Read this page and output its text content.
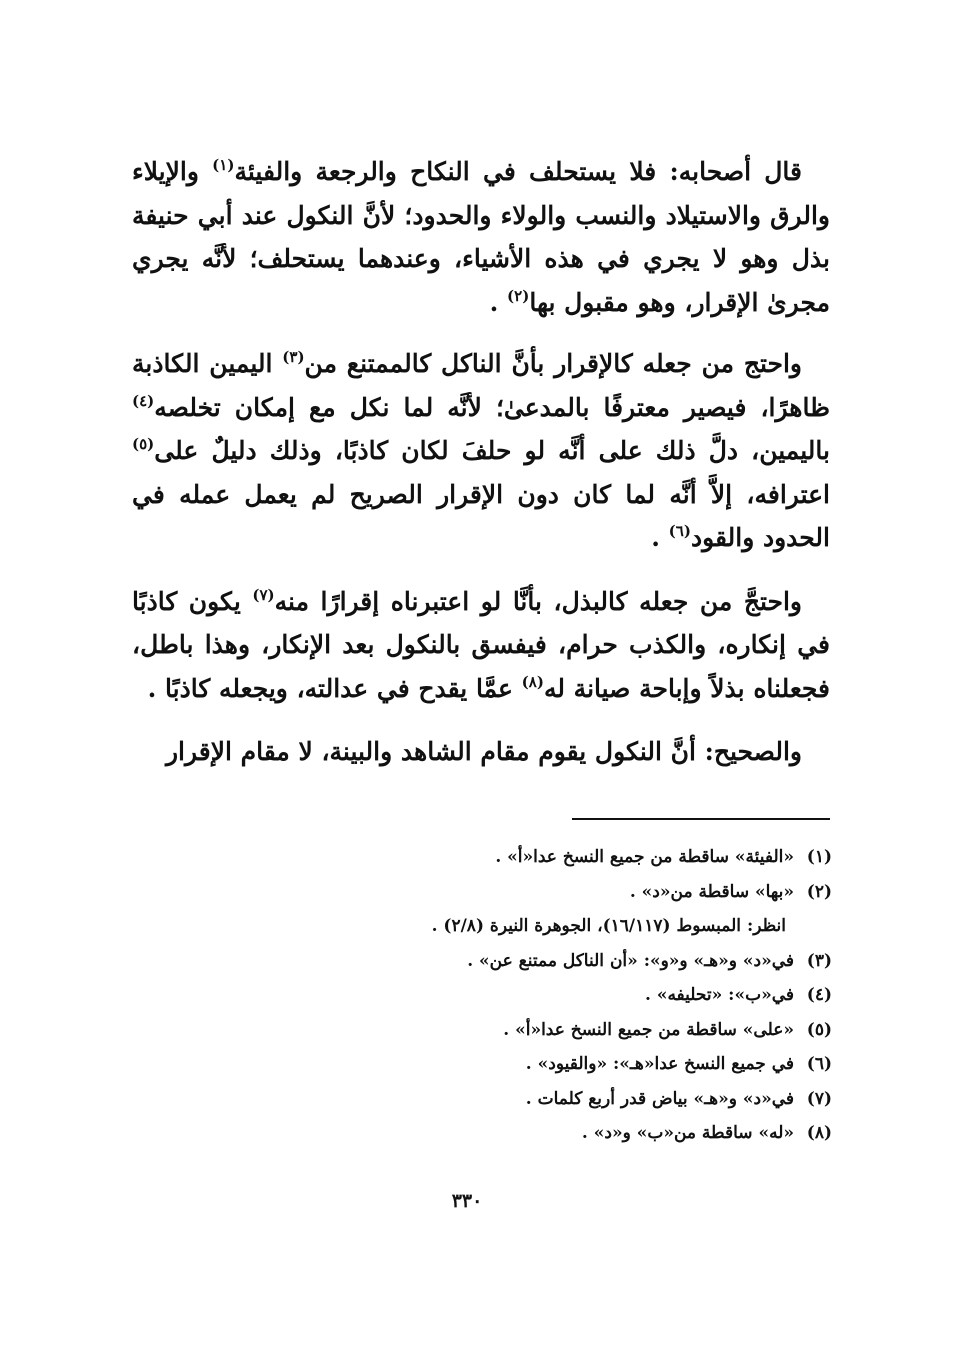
قال أصحابه: فلا يستحلف في النكاح والرجعة والفيئة$^{(١)}$ والإيلاء والرق والاستيلاد والنسب والولاء والحدود؛ لأنَّ النكول عند أبي حنيفة بذل وهو لا يجري في هذه الأشياء، وعندهما يستحلف؛ لأنَّه يجري مجرىٰ الإقرار، وهو مقبول بها$^{(٢)}$ .

واحتج من جعله كالإقرار بأنَّ الناكل كالممتنع من$^{(٣)}$ اليمين الكاذبة ظاهرًا، فيصير معترفًا بالمدعىٰ؛ لأنَّه لما نكل مع إمكان تخلصه$^{(٤)}$ باليمين، دلَّ ذلك على أنَّه لو حلفَ لكان كاذبًا، وذلك دليلٌ على$^{(٥)}$ اعترافه، إلاَّ أنَّه لما كان دون الإقرار الصريح لم يعمل عمله في الحدود والقود$^{(٦)}$ .

واحتجَّ من جعله كالبذل، بأنَّا لو اعتبرناه إقرارًا منه$^{(٧)}$ يكون كاذبًا في إنكاره، والكذب حرام، فيفسق بالنكول بعد الإنكار، وهذا باطل، فجعلناه بذلاً وإباحة صيانة له$^{(٨)}$ عمَّا يقدح في عدالته، ويجعله كاذبًا .

والصحيح: أنَّ النكول يقوم مقام الشاهد والبينة، لا مقام الإقرار

(١)
«الفيئة» ساقطة من جميع النسخ عدا«أ» .
(٢)
«بها» ساقطة من«د» .
انظر: المبسوط (١٦/١١٧)، الجوهرة النيرة (٢/٨) .
(٣)
في«د» و«هـ» و«و»: «أن الناكل ممتنع عن» .
(٤)
في«ب»: «تحليفه» .
(٥)
«على» ساقطة من جميع النسخ عدا«أ» .
(٦)
في جميع النسخ عدا«هـ»: «والقيود» .
(٧)
في«د» و«هـ» بياض قدر أربع كلمات .
(٨)
«له» ساقطة من«ب» و«د» .
٣٣٠
